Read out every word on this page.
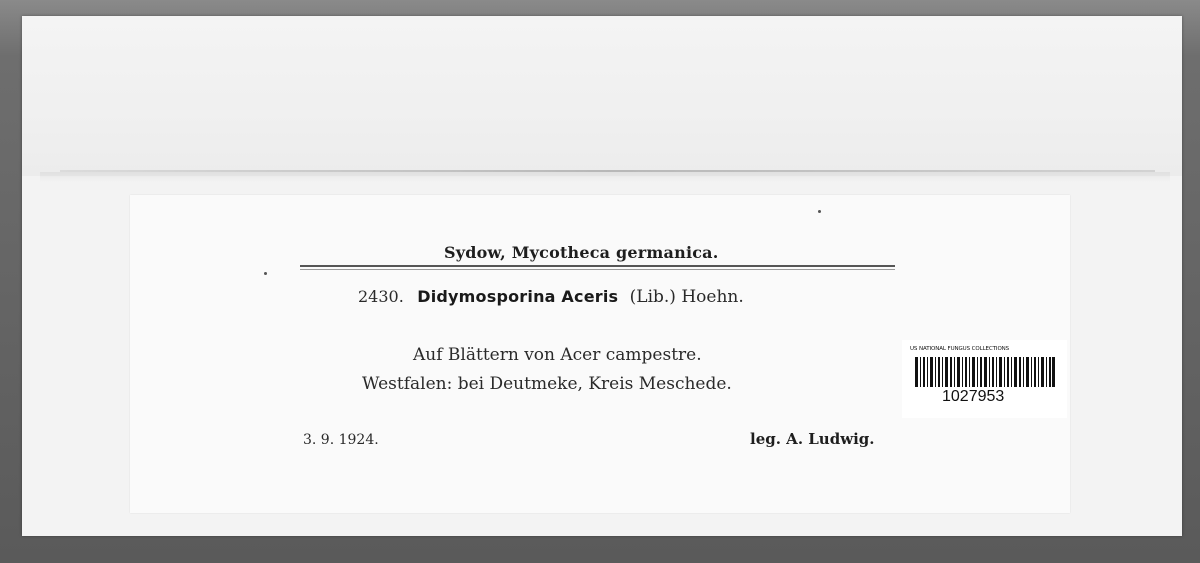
Sydow, Mycotheca germanica.
2430. Didymosporina Aceris (Lib.) Hoehn.
Auf Blättern von Acer campestre.
Westfalen: bei Deutmeke, Kreis Meschede.
3. 9. 1924.	leg. A. Ludwig.
US NATIONAL FUNGUS COLLECTIONS
1027953
